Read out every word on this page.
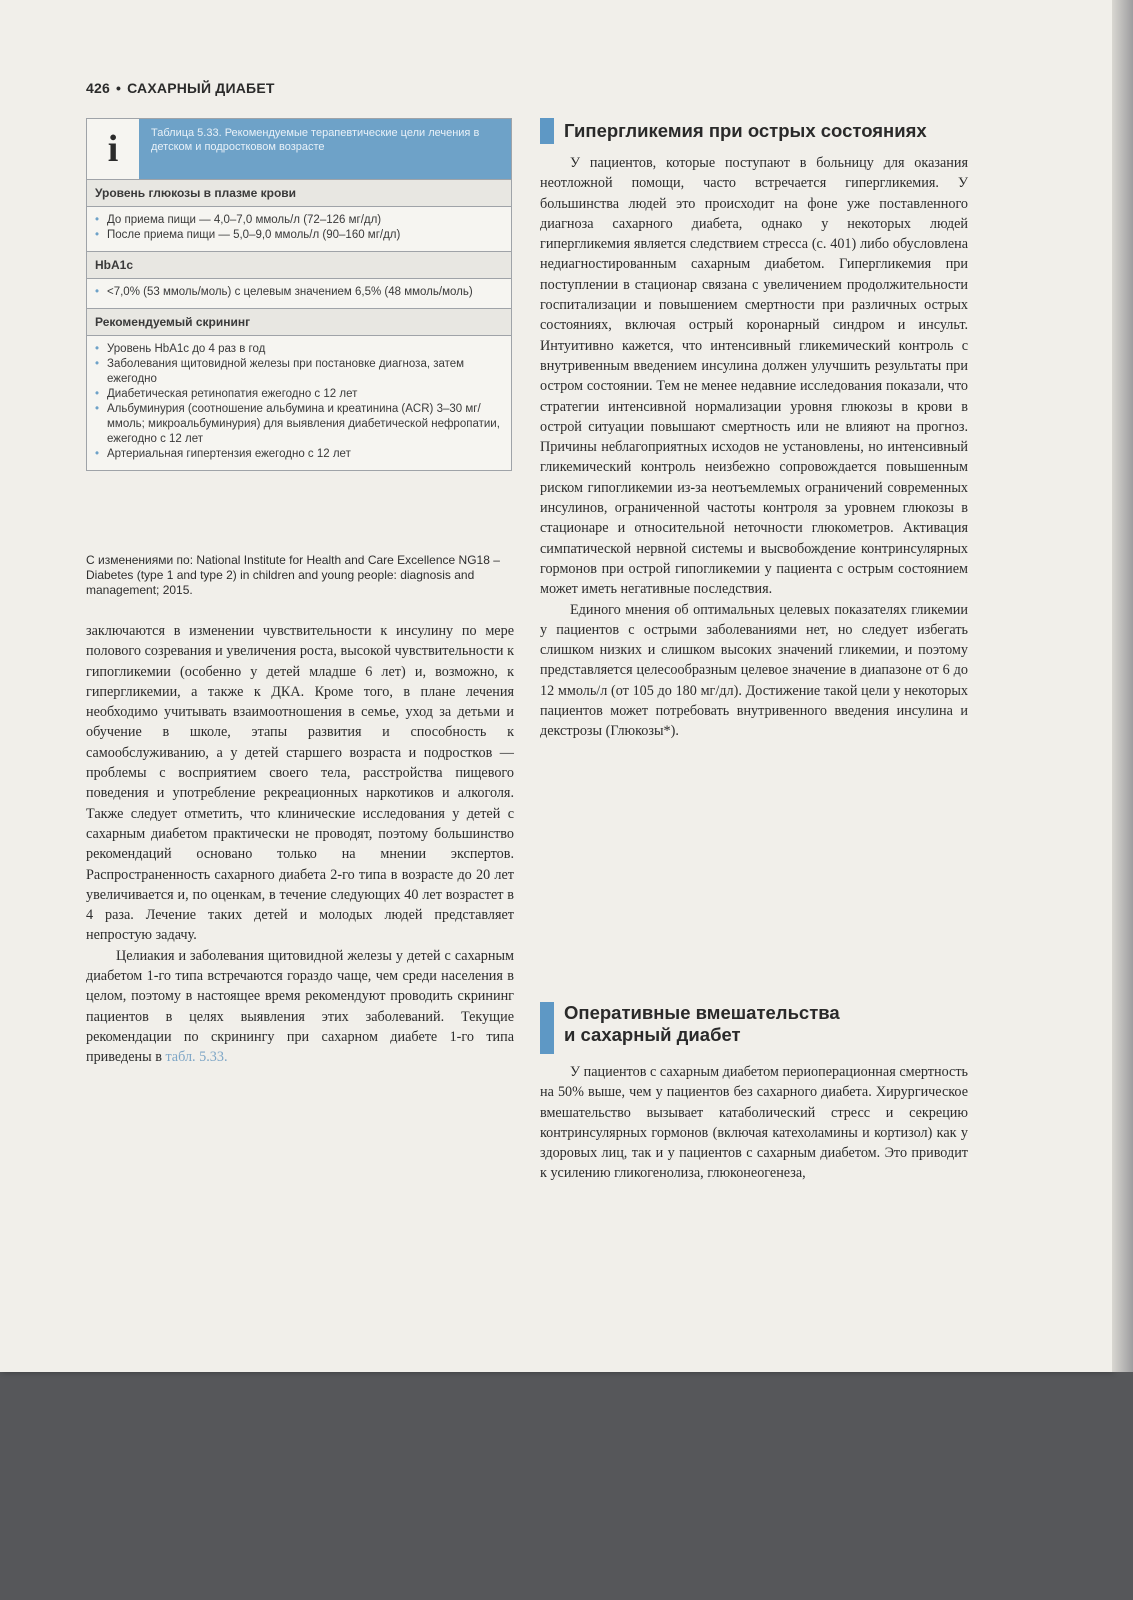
426 • САХАРНЫЙ ДИАБЕТ
i	Таблица 5.33. Рекомендуемые терапевтические цели лечения в детском и подростковом возрасте
Уровень глюкозы в плазме крови
• До приема пищи — 4,0–7,0 ммоль/л (72–126 мг/дл)
• После приема пищи — 5,0–9,0 ммоль/л (90–160 мг/дл)
HbA1c
• <7,0% (53 ммоль/моль) с целевым значением 6,5% (48 ммоль/моль)
Рекомендуемый скрининг
• Уровень HbA1c до 4 раз в год
• Заболевания щитовидной железы при постановке диагноза, затем ежегодно
• Диабетическая ретинопатия ежегодно с 12 лет
• Альбуминурия (соотношение альбумина и креатинина (ACR) 3–30 мг/ммоль; микроальбуминурия) для выявления диабетической нефропатии, ежегодно с 12 лет
• Артериальная гипертензия ежегодно с 12 лет
С изменениями по: National Institute for Health and Care Excellence NG18 – Diabetes (type 1 and type 2) in children and young people: diagnosis and management; 2015.

заключаются в изменении чувствительности к инсулину по мере полового созревания и увеличения роста, высокой чувствительности к гипогликемии (особенно у детей младше 6 лет) и, возможно, к гипергликемии, а также к ДКА. Кроме того, в плане лечения необходимо учитывать взаимоотношения в семье, уход за детьми и обучение в школе, этапы развития и способность к самообслуживанию, а у детей старшего возраста и подростков — проблемы с восприятием своего тела, расстройства пищевого поведения и употребление рекреационных наркотиков и алкоголя. Также следует отметить, что клинические исследования у детей с сахарным диабетом практически не проводят, поэтому большинство рекомендаций основано только на мнении экспертов. Распространенность сахарного диабета 2-го типа в возрасте до 20 лет увеличивается и, по оценкам, в течение следующих 40 лет возрастет в 4 раза. Лечение таких детей и молодых людей представляет непростую задачу.

Целиакия и заболевания щитовидной железы у детей с сахарным диабетом 1-го типа встречаются гораздо чаще, чем среди населения в целом, поэтому в настоящее время рекомендуют проводить скрининг пациентов в целях выявления этих заболеваний. Текущие рекомендации по скринингу при сахарном диабете 1-го типа приведены в табл. 5.33.

Гипергликемия при острых состояниях

У пациентов, которые поступают в больницу для оказания неотложной помощи, часто встречается гипергликемия. У большинства людей это происходит на фоне уже поставленного диагноза сахарного диабета, однако у некоторых людей гипергликемия является следствием стресса (с. 401) либо обусловлена недиагностированным сахарным диабетом. Гипергликемия при поступлении в стационар связана с увеличением продолжительности госпитализации и повышением смертности при различных острых состояниях, включая острый коронарный синдром и инсульт. Интуитивно кажется, что интенсивный гликемический контроль с внутривенным введением инсулина должен улучшить результаты при остром состоянии. Тем не менее недавние исследования показали, что стратегии интенсивной нормализации уровня глюкозы в крови в острой ситуации повышают смертность или не влияют на прогноз. Причины неблагоприятных исходов не установлены, но интенсивный гликемический контроль неизбежно сопровождается повышенным риском гипогликемии из-за неотъемлемых ограничений современных инсулинов, ограниченной частоты контроля за уровнем глюкозы в стационаре и относительной неточности глюкометров. Активация симпатической нервной системы и высвобождение контринсулярных гормонов при острой гипогликемии у пациента с острым состоянием может иметь негативные последствия.

Единого мнения об оптимальных целевых показателях гликемии у пациентов с острыми заболеваниями нет, но следует избегать слишком низких и слишком высоких значений гликемии, и поэтому представляется целесообразным целевое значение в диапазоне от 6 до 12 ммоль/л (от 105 до 180 мг/дл). Достижение такой цели у некоторых пациентов может потребовать внутривенного введения инсулина и декстрозы (Глюкозы*).

Оперативные вмешательства
и сахарный диабет

У пациентов с сахарным диабетом периоперационная смертность на 50% выше, чем у пациентов без сахарного диабета. Хирургическое вмешательство вызывает катаболический стресс и секрецию контринсулярных гормонов (включая катехоламины и кортизол) как у здоровых лиц, так и у пациентов с сахарным диабетом. Это приводит к усилению гликогенолиза, глюконеогенеза,
